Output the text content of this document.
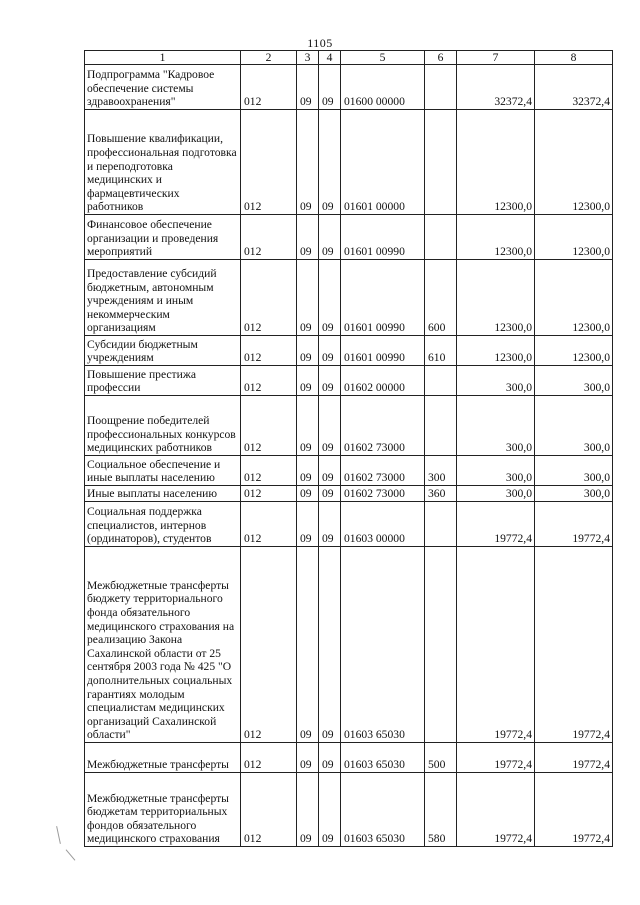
1105
1	2	3	4	5	6	7	8
Подпрограмма "Кадровое обеспечение системы здравоохранения"	012	09	09	01600 00000		32372,4	32372,4
Повышение квалификации, профессиональная подготовка и переподготовка медицинских и фармацевтических работников	012	09	09	01601 00000		12300,0	12300,0
Финансовое обеспечение организации и проведения мероприятий	012	09	09	01601 00990		12300,0	12300,0
Предоставление субсидий бюджетным, автономным учреждениям и иным некоммерческим организациям	012	09	09	01601 00990	600	12300,0	12300,0
Субсидии бюджетным учреждениям	012	09	09	01601 00990	610	12300,0	12300,0
Повышение престижа профессии	012	09	09	01602 00000		300,0	300,0
Поощрение победителей профессиональных конкурсов медицинских работников	012	09	09	01602 73000		300,0	300,0
Социальное обеспечение и иные выплаты населению	012	09	09	01602 73000	300	300,0	300,0
Иные выплаты населению	012	09	09	01602 73000	360	300,0	300,0
Социальная поддержка специалистов, интернов (ординаторов), студентов	012	09	09	01603 00000		19772,4	19772,4
Межбюджетные трансферты бюджету территориального фонда обязательного медицинского страхования на реализацию Закона Сахалинской области от 25 сентября 2003 года № 425 "О дополнительных социальных гарантиях молодым специалистам медицинских организаций Сахалинской области"	012	09	09	01603 65030		19772,4	19772,4
Межбюджетные трансферты	012	09	09	01603 65030	500	19772,4	19772,4
Межбюджетные трансферты бюджетам территориальных фондов обязательного медицинского страхования	012	09	09	01603 65030	580	19772,4	19772,4
